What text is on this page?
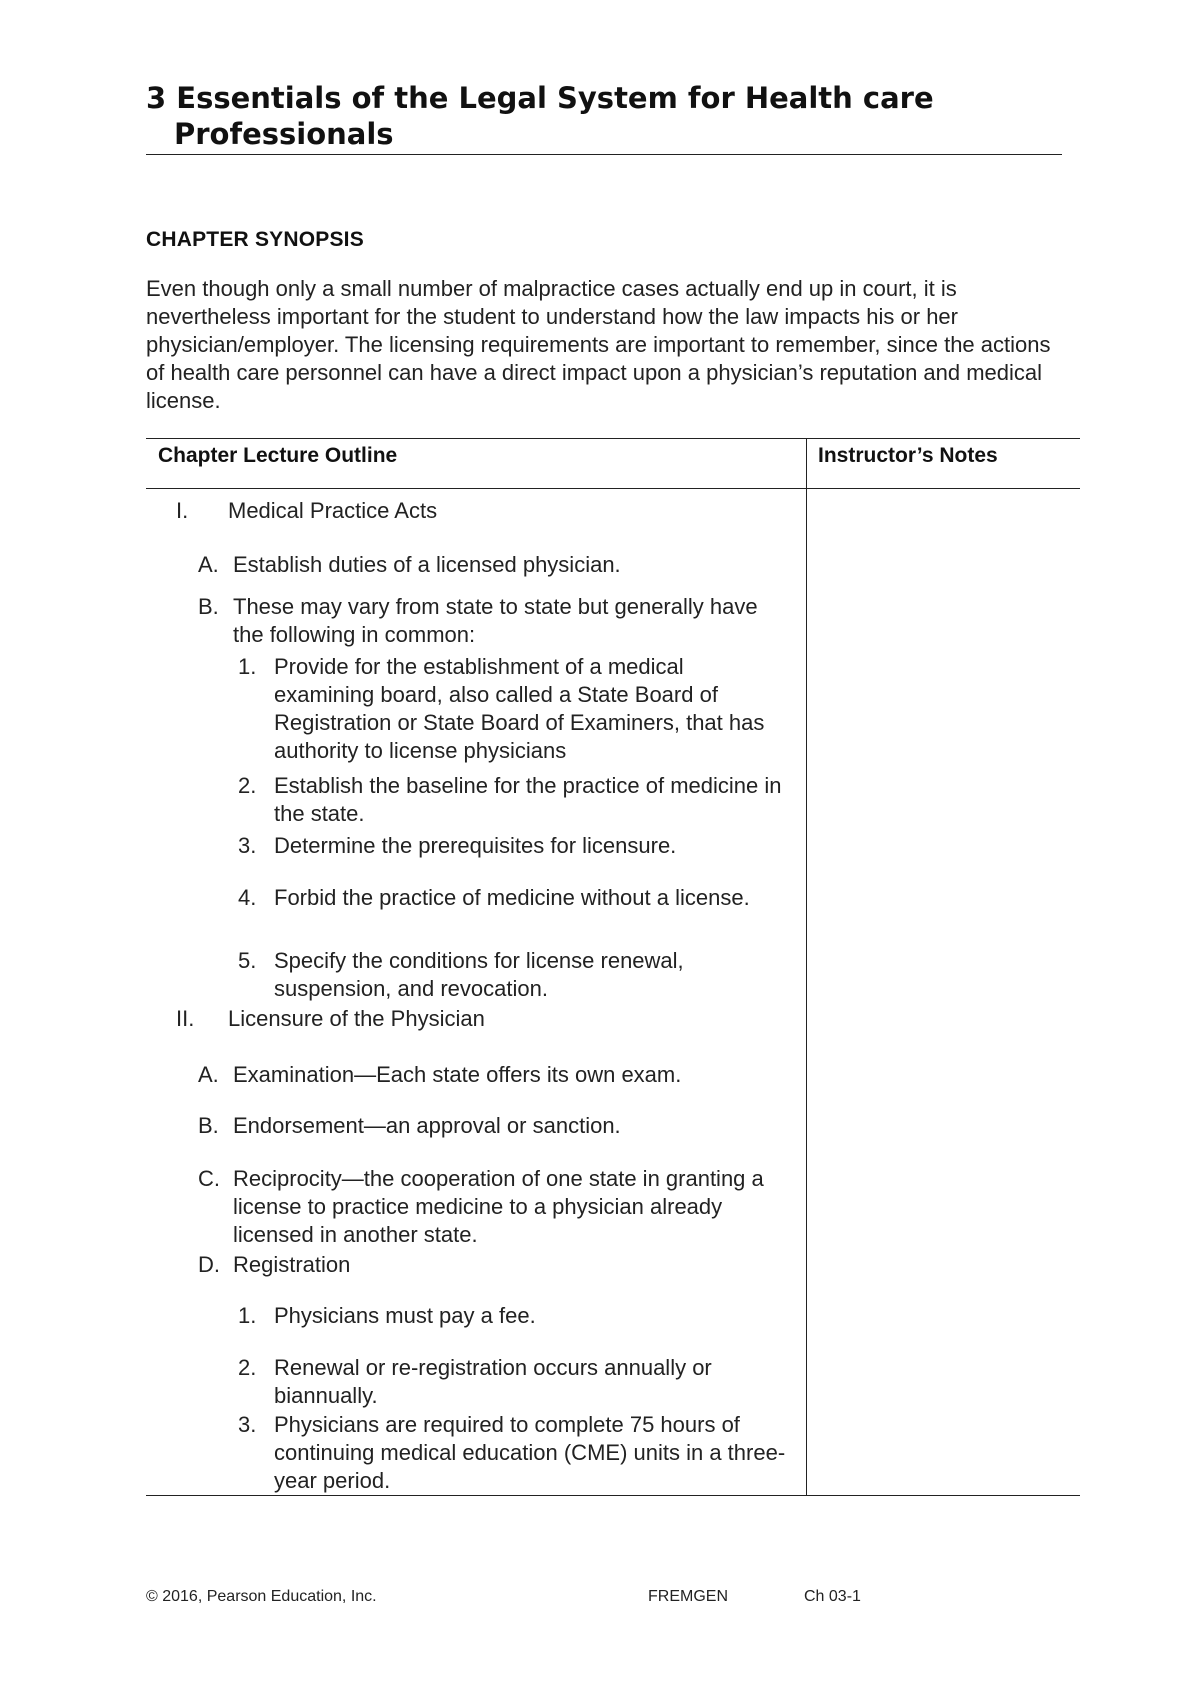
3 Essentials of the Legal System for Health care
Professionals
CHAPTER SYNOPSIS

Even though only a small number of malpractice cases actually end up in court, it is nevertheless important for the student to understand how the law impacts his or her physician/employer. The licensing requirements are important to remember, since the actions of health care personnel can have a direct impact upon a physician’s reputation and medical license.

Chapter Lecture Outline	Instructor’s Notes
I.	Medical Practice Acts
A. Establish duties of a licensed physician.
B. These may vary from state to state but generally have the following in common:
1. Provide for the establishment of a medical examining board, also called a State Board of Registration or State Board of Examiners, that has authority to license physicians
2. Establish the baseline for the practice of medicine in the state.
3. Determine the prerequisites for licensure.
4. Forbid the practice of medicine without a license.
5. Specify the conditions for license renewal, suspension, and revocation.
II.	Licensure of the Physician
A. Examination—Each state offers its own exam.
B. Endorsement—an approval or sanction.
C. Reciprocity—the cooperation of one state in granting a license to practice medicine to a physician already licensed in another state.
D. Registration
1. Physicians must pay a fee.
2. Renewal or re-registration occurs annually or biannually.
3. Physicians are required to complete 75 hours of continuing medical education (CME) units in a three-year period.
© 2016, Pearson Education, Inc.	FREMGEN	Ch 03-1
